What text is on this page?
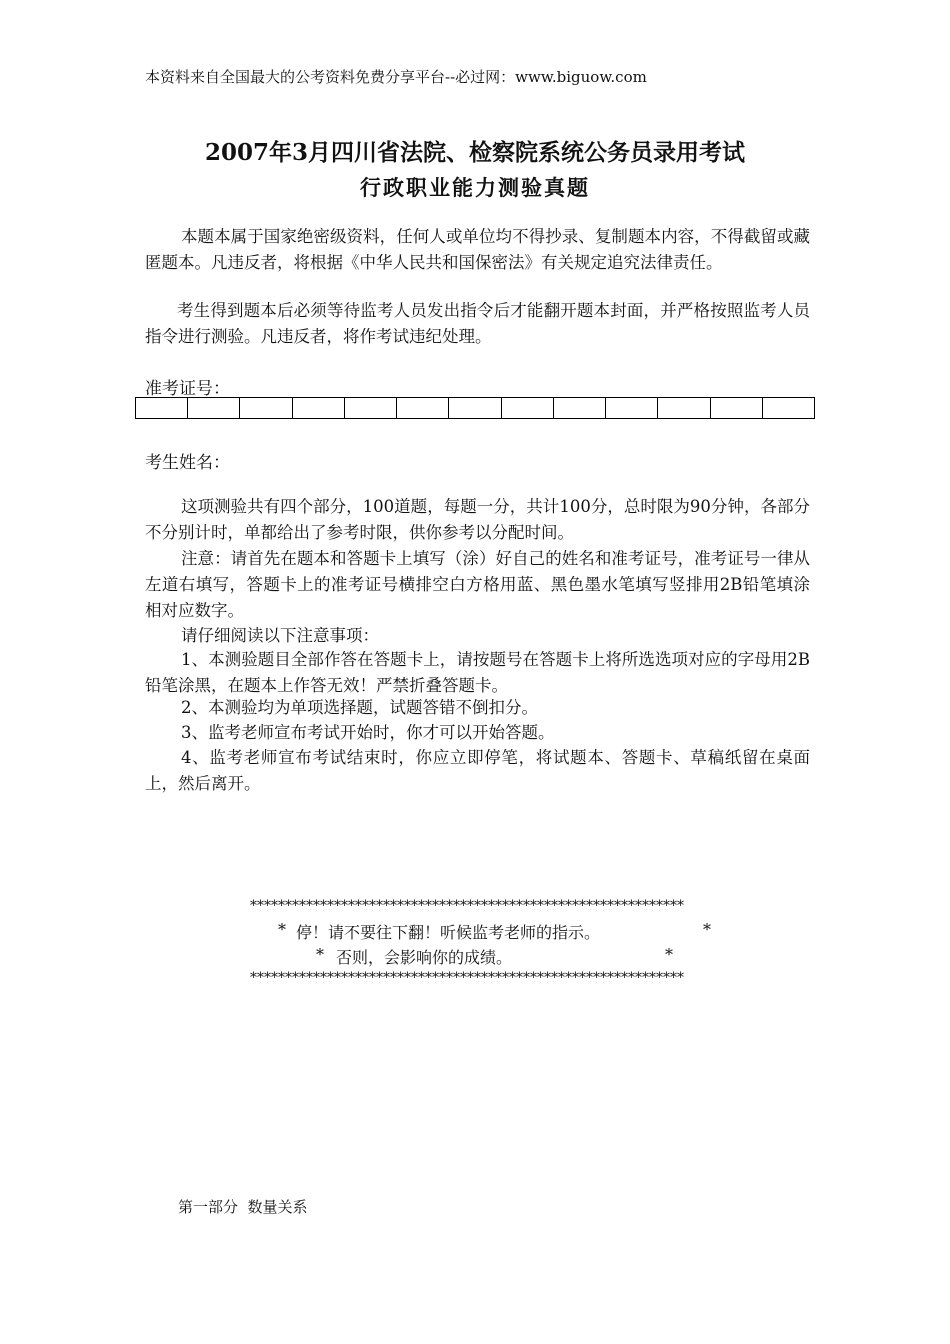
本资料来自全国最大的公考资料免费分享平台--必过网：www.biguow.com
2007年3月四川省法院、检察院系统公务员录用考试
行政职业能力测验真题

本题本属于国家绝密级资料，任何人或单位均不得抄录、复制题本内容，不得截留或藏匿题本。凡违反者，将根据《中华人民共和国保密法》有关规定追究法律责任。

考生得到题本后必须等待监考人员发出指令后才能翻开题本封面，并严格按照监考人员指令进行测验。凡违反者，将作考试违纪处理。

准考证号：
考生姓名：

这项测验共有四个部分，100道题，每题一分，共计100分，总时限为90分钟，各部分不分别计时，单都给出了参考时限，供你参考以分配时间。

注意：请首先在题本和答题卡上填写（涂）好自己的姓名和准考证号，准考证号一律从左道右填写，答题卡上的准考证号横排空白方格用蓝、黑色墨水笔填写竖排用2B铅笔填涂相对应数字。

请仔细阅读以下注意事项：

1、本测验题目全部作答在答题卡上，请按题号在答题卡上将所选选项对应的字母用2B铅笔涂黑，在题本上作答无效！严禁折叠答题卡。

2、本测验均为单项选择题，试题答错不倒扣分。

3、监考老师宣布考试开始时，你才可以开始答题。

4、监考老师宣布考试结束时，你应立即停笔，将试题本、答题卡、草稿纸留在桌面上，然后离开。

**************************************************************
* 停！请不要往下翻！听候监考老师的指示。	*
* 否则，会影响你的成绩。	*
**************************************************************
第一部分  数量关系
